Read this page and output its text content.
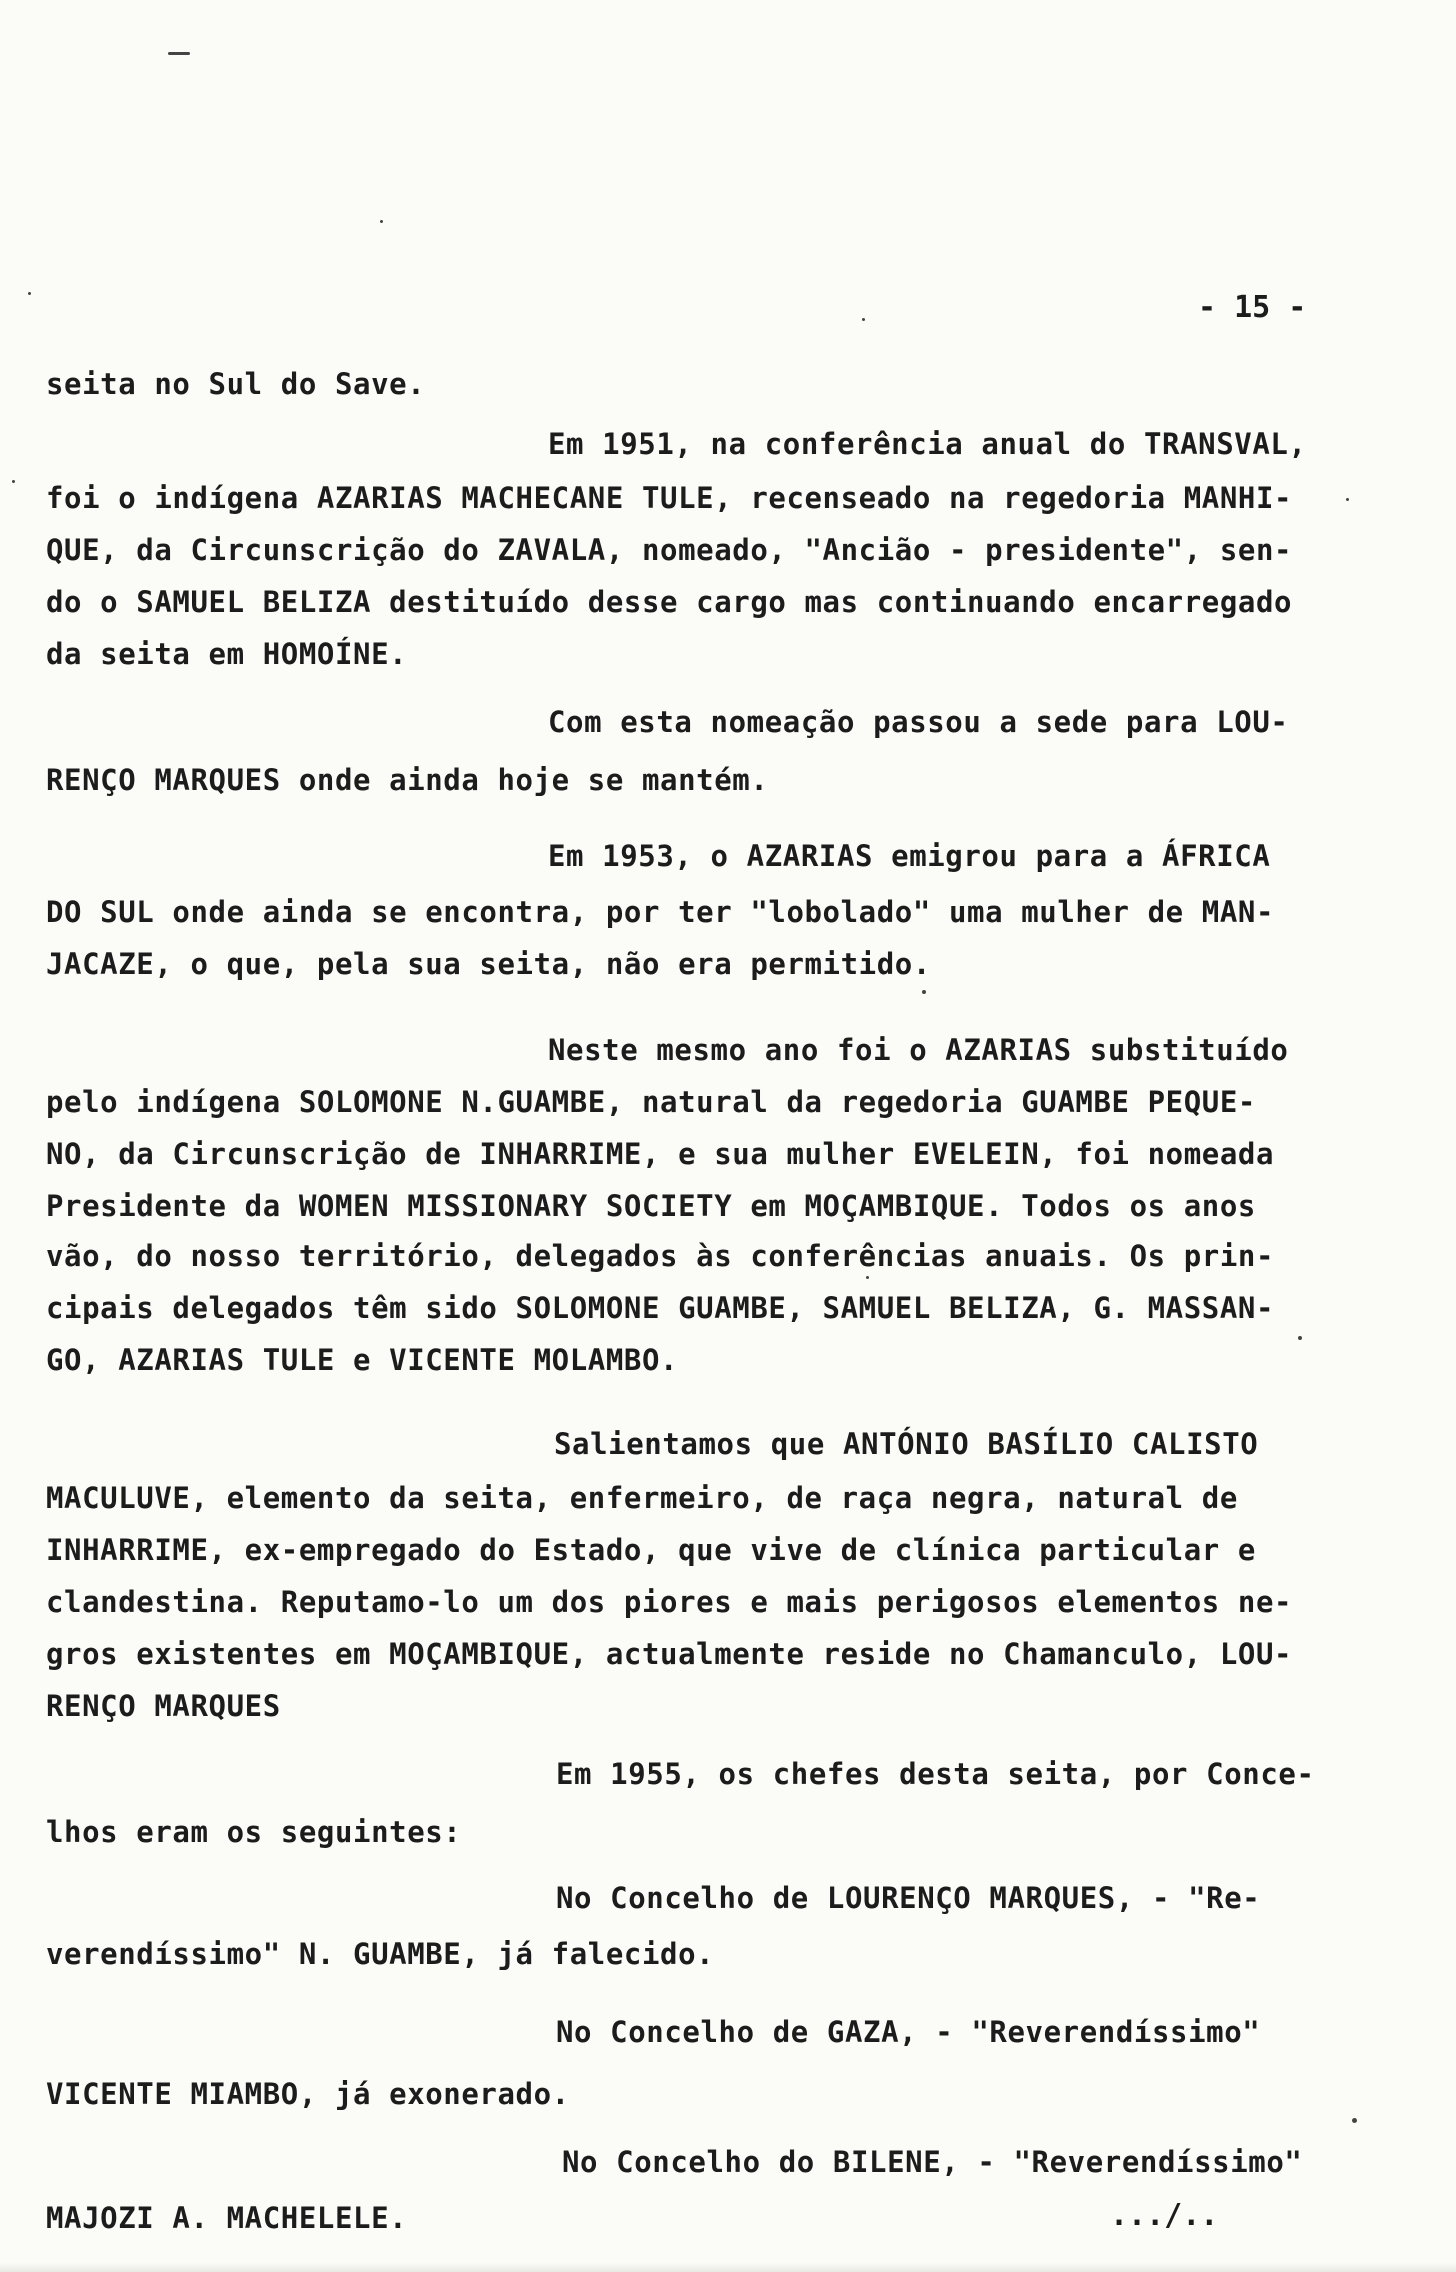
- 15 -
seita no Sul do Save.
Em 1951, na conferência anual do TRANSVAL,
foi o indígena AZARIAS MACHECANE TULE, recenseado na regedoria MANHI-
QUE, da Circunscrição do ZAVALA, nomeado, "Ancião - presidente", sen-
do o SAMUEL BELIZA destituído desse cargo mas continuando encarregado
da seita em HOMOÍNE.
Com esta nomeação passou a sede para LOU-
RENÇO MARQUES onde ainda hoje se mantém.
Em 1953, o AZARIAS emigrou para a ÁFRICA
DO SUL onde ainda se encontra, por ter "lobolado" uma mulher de MAN-
JACAZE, o que, pela sua seita, não era permitido.
Neste mesmo ano foi o AZARIAS substituído
pelo indígena SOLOMONE N.GUAMBE, natural da regedoria GUAMBE PEQUE-
NO, da Circunscrição de INHARRIME, e sua mulher EVELEIN, foi nomeada
Presidente da WOMEN MISSIONARY SOCIETY em MOÇAMBIQUE. Todos os anos
vão, do nosso território, delegados às conferências anuais. Os prin-
cipais delegados têm sido SOLOMONE GUAMBE, SAMUEL BELIZA, G. MASSAN-
GO, AZARIAS TULE e VICENTE MOLAMBO.
Salientamos que ANTÓNIO BASÍLIO CALISTO
MACULUVE, elemento da seita, enfermeiro, de raça negra, natural de
INHARRIME, ex-empregado do Estado, que vive de clínica particular e
clandestina. Reputamo-lo um dos piores e mais perigosos elementos ne-
gros existentes em MOÇAMBIQUE, actualmente reside no Chamanculo, LOU-
RENÇO MARQUES
Em 1955, os chefes desta seita, por Conce-
lhos eram os seguintes:
No Concelho de LOURENÇO MARQUES, - "Re-
verendíssimo" N. GUAMBE, já falecido.
No Concelho de GAZA, - "Reverendíssimo"
VICENTE MIAMBO, já exonerado.
No Concelho do BILENE, - "Reverendíssimo"
MAJOZI A. MACHELELE.	.../..
